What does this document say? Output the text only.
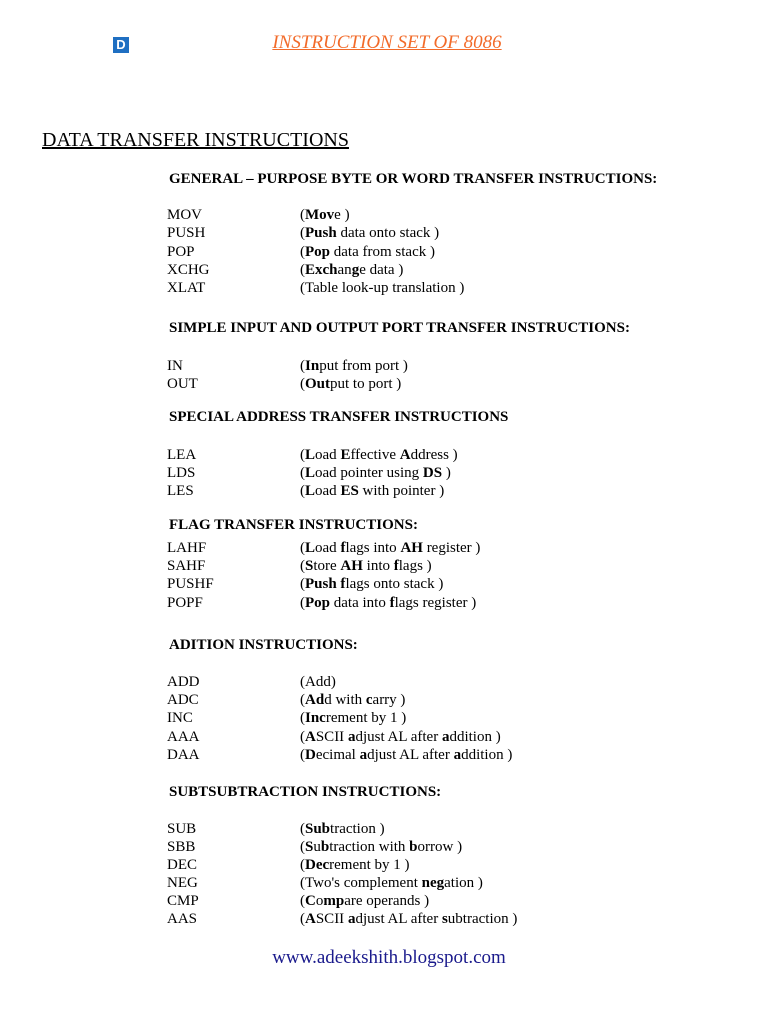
D	INSTRUCTION SET OF 8086
DATA TRANSFER INSTRUCTIONS
GENERAL – PURPOSE BYTE OR WORD TRANSFER INSTRUCTIONS:
MOV	(Move )
PUSH	(Push data onto stack )
POP	(Pop data from stack )
XCHG	(Exchange data )
XLAT	(Table look-up translation )
SIMPLE INPUT AND OUTPUT PORT TRANSFER INSTRUCTIONS:
IN	(Input from port )
OUT	(Output to port )
SPECIAL ADDRESS TRANSFER INSTRUCTIONS
LEA	(Load Effective Address )
LDS	(Load pointer using DS )
LES	(Load ES with pointer )
FLAG TRANSFER INSTRUCTIONS:
LAHF	(Load flags into AH register )
SAHF	(Store AH into flags )
PUSHF	(Push flags onto stack )
POPF	(Pop data into flags register )
ADITION INSTRUCTIONS:
ADD	(Add)
ADC	(Add with carry )
INC	(Increment by 1 )
AAA	(ASCII adjust AL after addition )
DAA	(Decimal adjust AL after addition )
SUBTSUBTRACTION INSTRUCTIONS:
SUB	(Subtraction )
SBB	(Subtraction with borrow )
DEC	(Decrement by 1 )
NEG	(Two's complement negation )
CMP	(Compare operands )
AAS	(ASCII adjust AL after subtraction )
www.adeekshith.blogspot.com
